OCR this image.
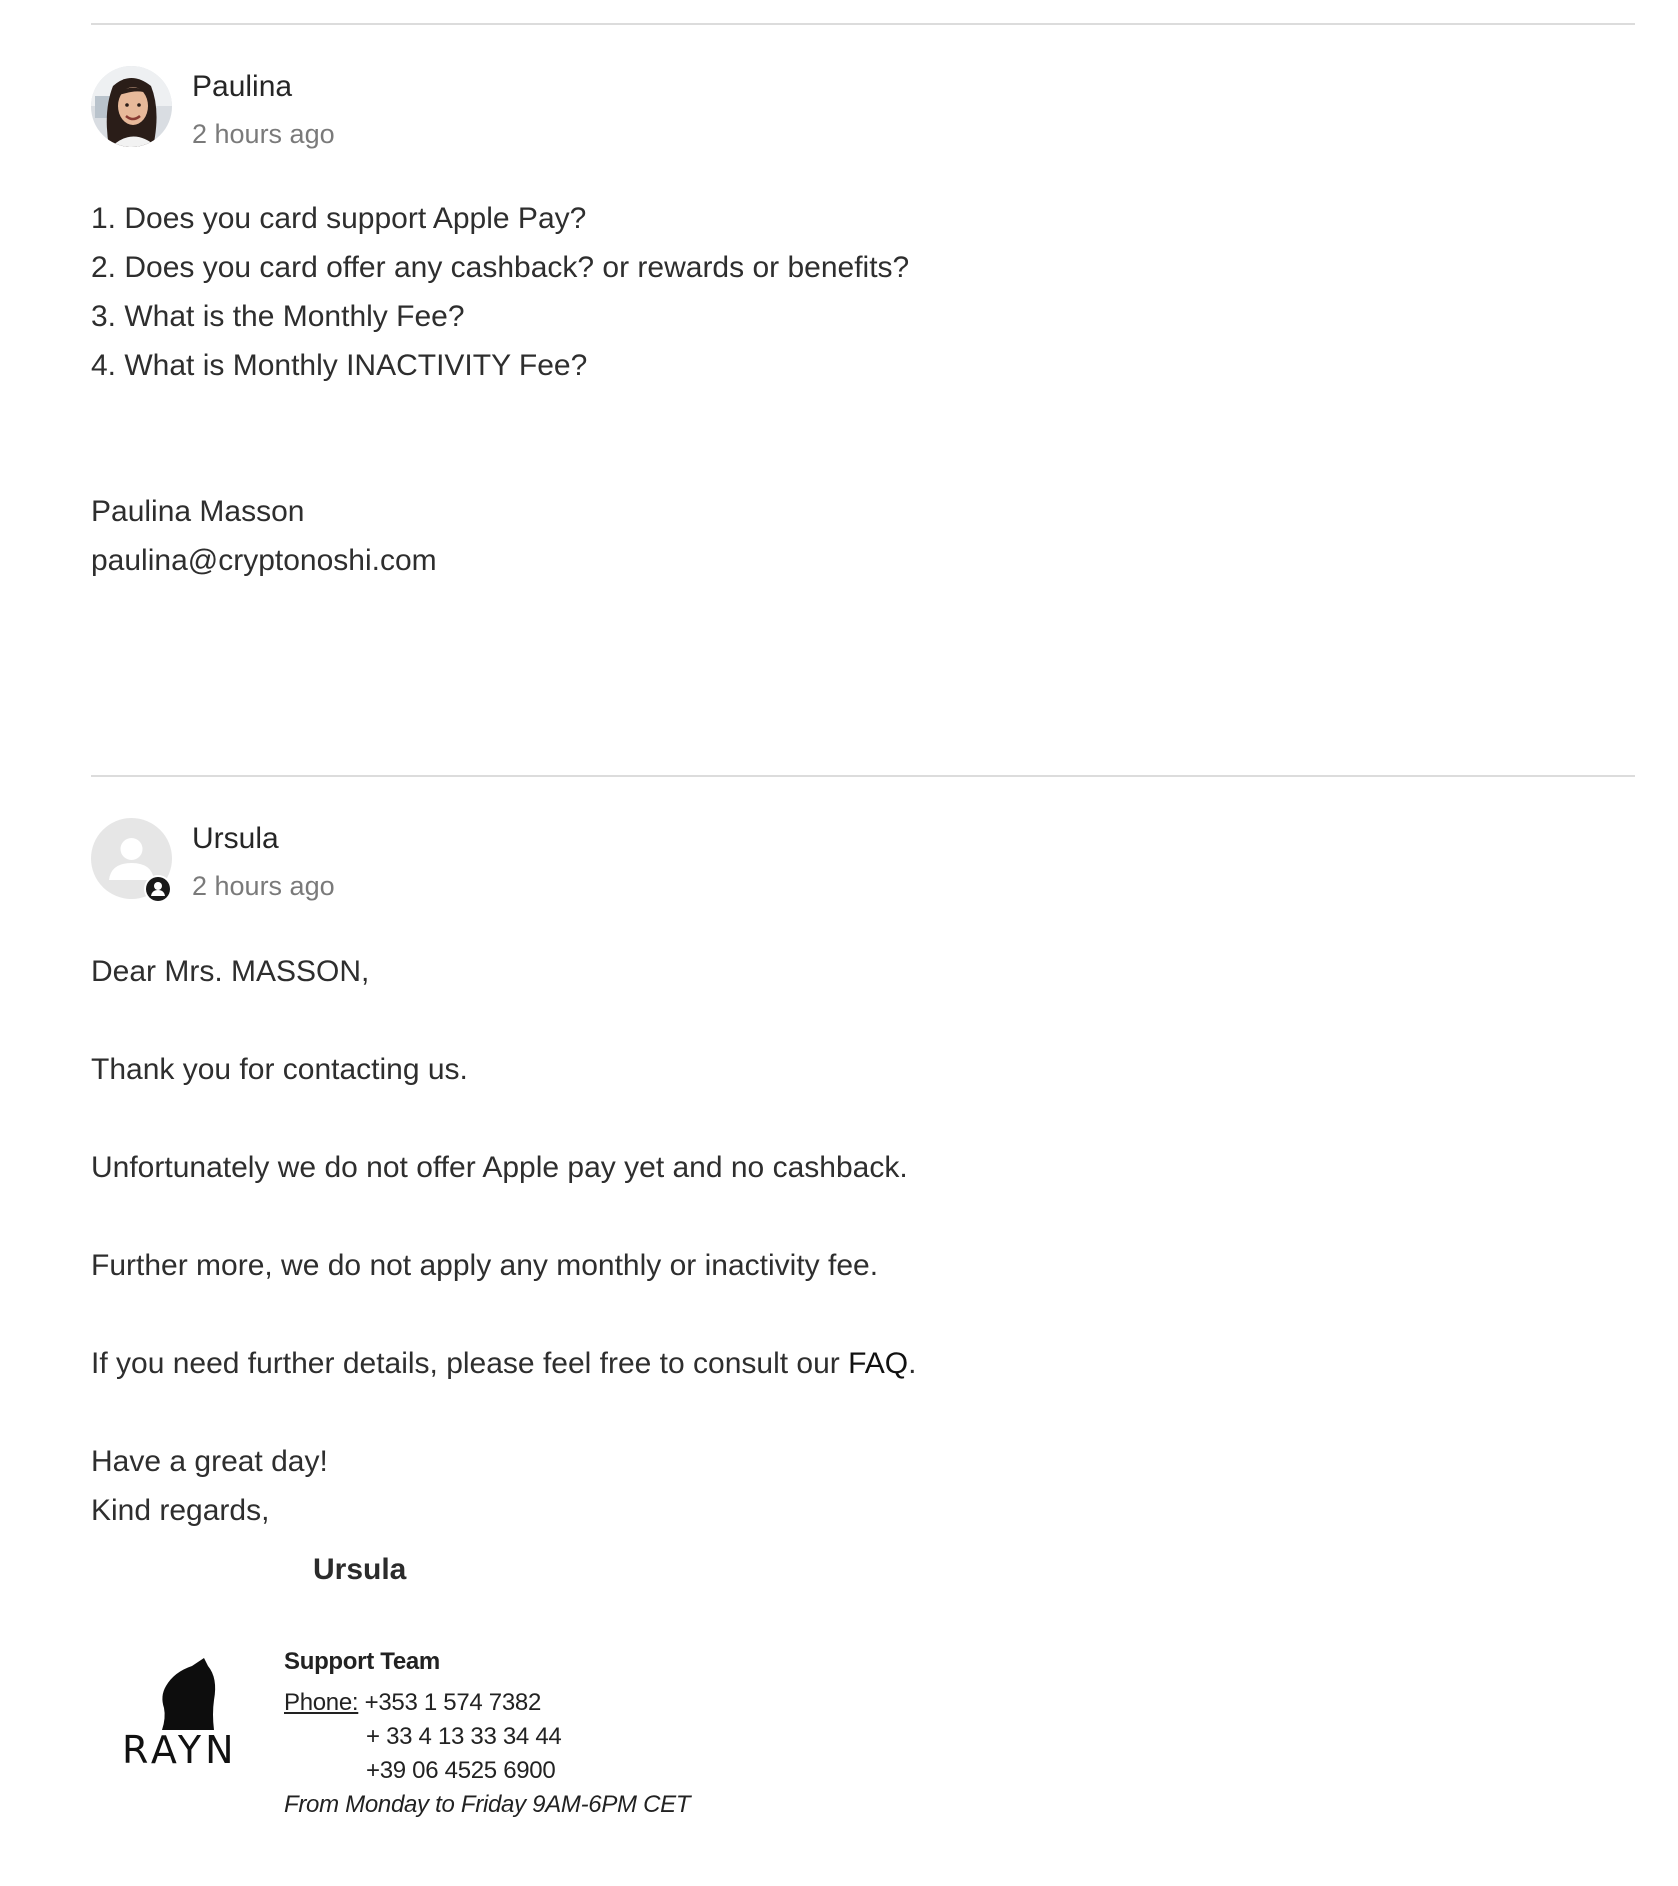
Paulina
2 hours ago
1. Does you card support Apple Pay?
2. Does you card offer any cashback? or rewards or benefits?
3. What is the Monthly Fee?
4. What is Monthly INACTIVITY Fee?
Paulina Masson
paulina@cryptonoshi.com
Ursula
2 hours ago
Dear Mrs. MASSON,
Thank you for contacting us.
Unfortunately we do not offer Apple pay yet and no cashback.
Further more, we do not apply any monthly or inactivity fee.
If you need further details, please feel free to consult our FAQ.
Have a great day!
Kind regards,
Ursula
RAYN
Support Team
Phone: +353 1 574 7382
+ 33 4 13 33 34 44
+39 06 4525 6900
From Monday to Friday 9AM-6PM CET
